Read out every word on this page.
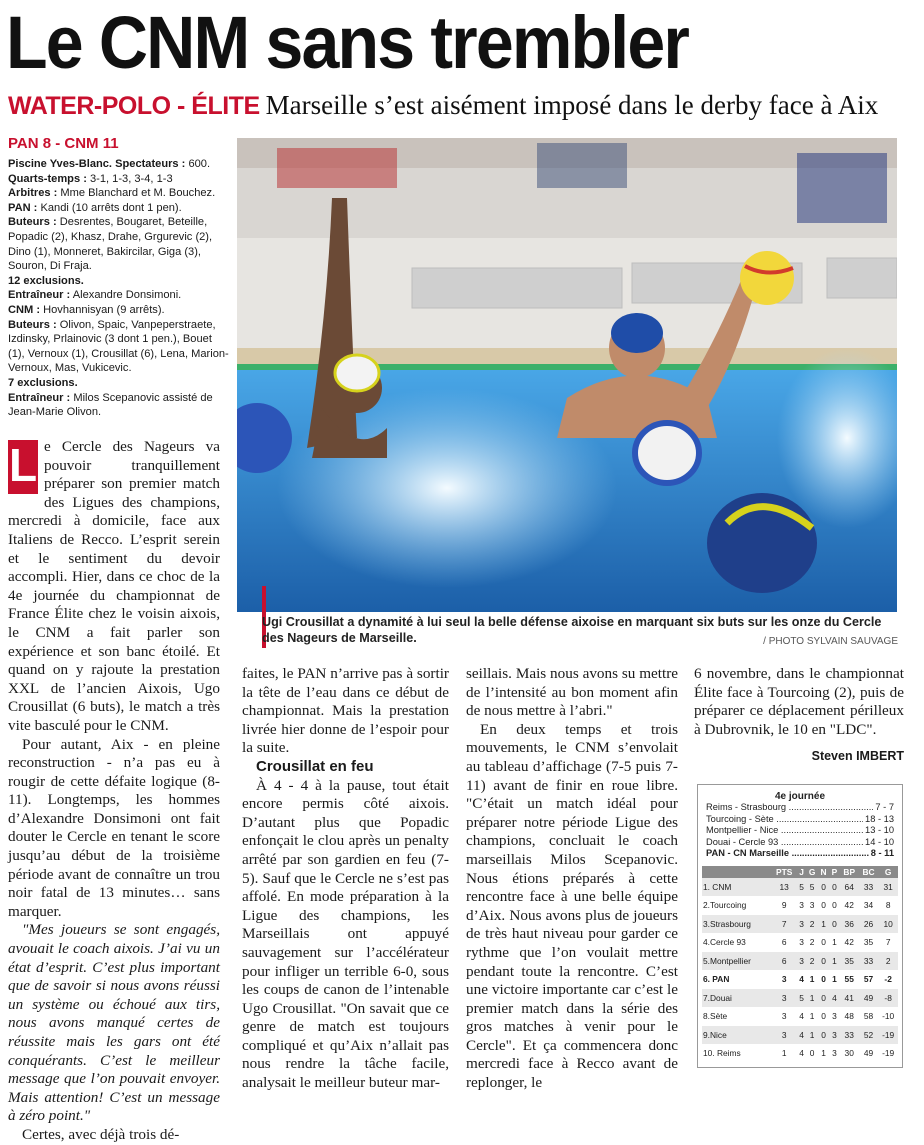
Le CNM sans trembler
WATER-POLO - ÉLITE Marseille s’est aisément imposé dans le derby face à Aix
PAN 8 - CNM 11

Piscine Yves-Blanc. Spectateurs : 600.

Quarts-temps : 3-1, 1-3, 3-4, 1-3

Arbitres : Mme Blanchard et M. Bouchez.

PAN : Kandi (10 arrêts dont 1 pen).

Buteurs : Desrentes, Bougaret, Beteille, Popadic (2), Khasz, Drahe, Grgurevic (2), Dino (1), Monneret, Bakircilar, Giga (3), Souron, Di Fraja.

12 exclusions.

Entraîneur : Alexandre Donsimoni.

CNM : Hovhannisyan (9 arrêts).

Buteurs : Olivon, Spaic, Vanpeperstraete, Izdinsky, Prlainovic (3 dont 1 pen.), Bouet (1), Vernoux (1), Crousillat (6), Lena, Marion-Vernoux, Mas, Vukicevic.

7 exclusions.

Entraîneur : Milos Scepanovic assisté de Jean-Marie Olivon.

Ugi Crousillat a dynamité à lui seul la belle défense aixoise en marquant six buts sur les onze du Cercle des Nageurs de Marseille.	/ PHOTO SYLVAIN SAUVAGE

L e Cercle des Nageurs va pouvoir tranquillement préparer son premier match des Ligues des champions, mercredi à domicile, face aux Italiens de Recco. L’esprit serein et le sentiment du devoir accompli. Hier, dans ce choc de la 4e journée du championnat de France Élite chez le voisin aixois, le CNM a fait parler son expérience et son banc étoilé. Et quand on y rajoute la prestation XXL de l’ancien Aixois, Ugo Crousillat (6 buts), le match a très vite basculé pour le CNM.

Pour autant, Aix - en pleine reconstruction - n’a pas eu à rougir de cette défaite logique (8-11). Longtemps, les hommes d’Alexandre Donsimoni ont fait douter le Cercle en tenant le score jusqu’au début de la troisième période avant de connaître un trou noir fatal de 13 minutes… sans marquer.

"Mes joueurs se sont engagés, avouait le coach aixois. J’ai vu un état d’esprit. C’est plus important que de savoir si nous avons réussi un système ou échoué aux tirs, nous avons manqué certes de réussite mais les gars ont été conquérants. C’est le meilleur message que l’on pouvait envoyer. Mais attention! C’est un message à zéro point."

Certes, avec déjà trois dé-

faites, le PAN n’arrive pas à sortir la tête de l’eau dans ce début de championnat. Mais la prestation livrée hier donne de l’espoir pour la suite.

Crousillat en feu

À 4 - 4 à la pause, tout était encore permis côté aixois. D’autant plus que Popadic enfonçait le clou après un penalty arrêté par son gardien en feu (7-5). Sauf que le Cercle ne s’est pas affolé. En mode préparation à la Ligue des champions, les Marseillais ont appuyé sauvagement sur l’accélérateur pour infliger un terrible 6-0, sous les coups de canon de l’intenable Ugo Crousillat. "On savait que ce genre de match est toujours compliqué et qu’Aix n’allait pas nous rendre la tâche facile, analysait le meilleur buteur mar-

seillais. Mais nous avons su mettre de l’intensité au bon moment afin de nous mettre à l’abri."

En deux temps et trois mouvements, le CNM s’envolait au tableau d’affichage (7-5 puis 7-11) avant de finir en roue libre. "C’était un match idéal pour préparer notre période Ligue des champions, concluait le coach marseillais Milos Scepanovic. Nous étions préparés à cette rencontre face à une belle équipe d’Aix. Nous avons plus de joueurs de très haut niveau pour garder ce rythme que l’on voulait mettre pendant toute la rencontre. C’est une victoire importante car c’est le premier match dans la série des gros matches à venir pour le Cercle". Et ça commencera donc mercredi face à Recco avant de replonger, le

6 novembre, dans le championnat Élite face à Tourcoing (2), puis de préparer ce déplacement périlleux à Dubrovnik, le 10 en "LDC".

Steven IMBERT
4e journée
Reims - Strasbourg .....	7 - 7
Tourcoing - Sète .....	18 - 13
Montpellier - Nice .....	13 - 10
Douai - Cercle 93 .....	14 - 10
PAN - CN Marseille .....	8 - 11
	PTS	J	G	N	P	BP	BC	G
1. CNM	13	5	5	0	0	64	33	31
2.Tourcoing	9	3	3	0	0	42	34	8
3.Strasbourg	7	3	2	1	0	36	26	10
4.Cercle 93	6	3	2	0	1	42	35	7
5.Montpellier	6	3	2	0	1	35	33	2
6. PAN	3	4	1	0	1	55	57	-2
7.Douai	3	5	1	0	4	41	49	-8
8.Sète	3	4	1	0	3	48	58	-10
9.Nice	3	4	1	0	3	33	52	-19
10. Reims	1	4	0	1	3	30	49	-19
